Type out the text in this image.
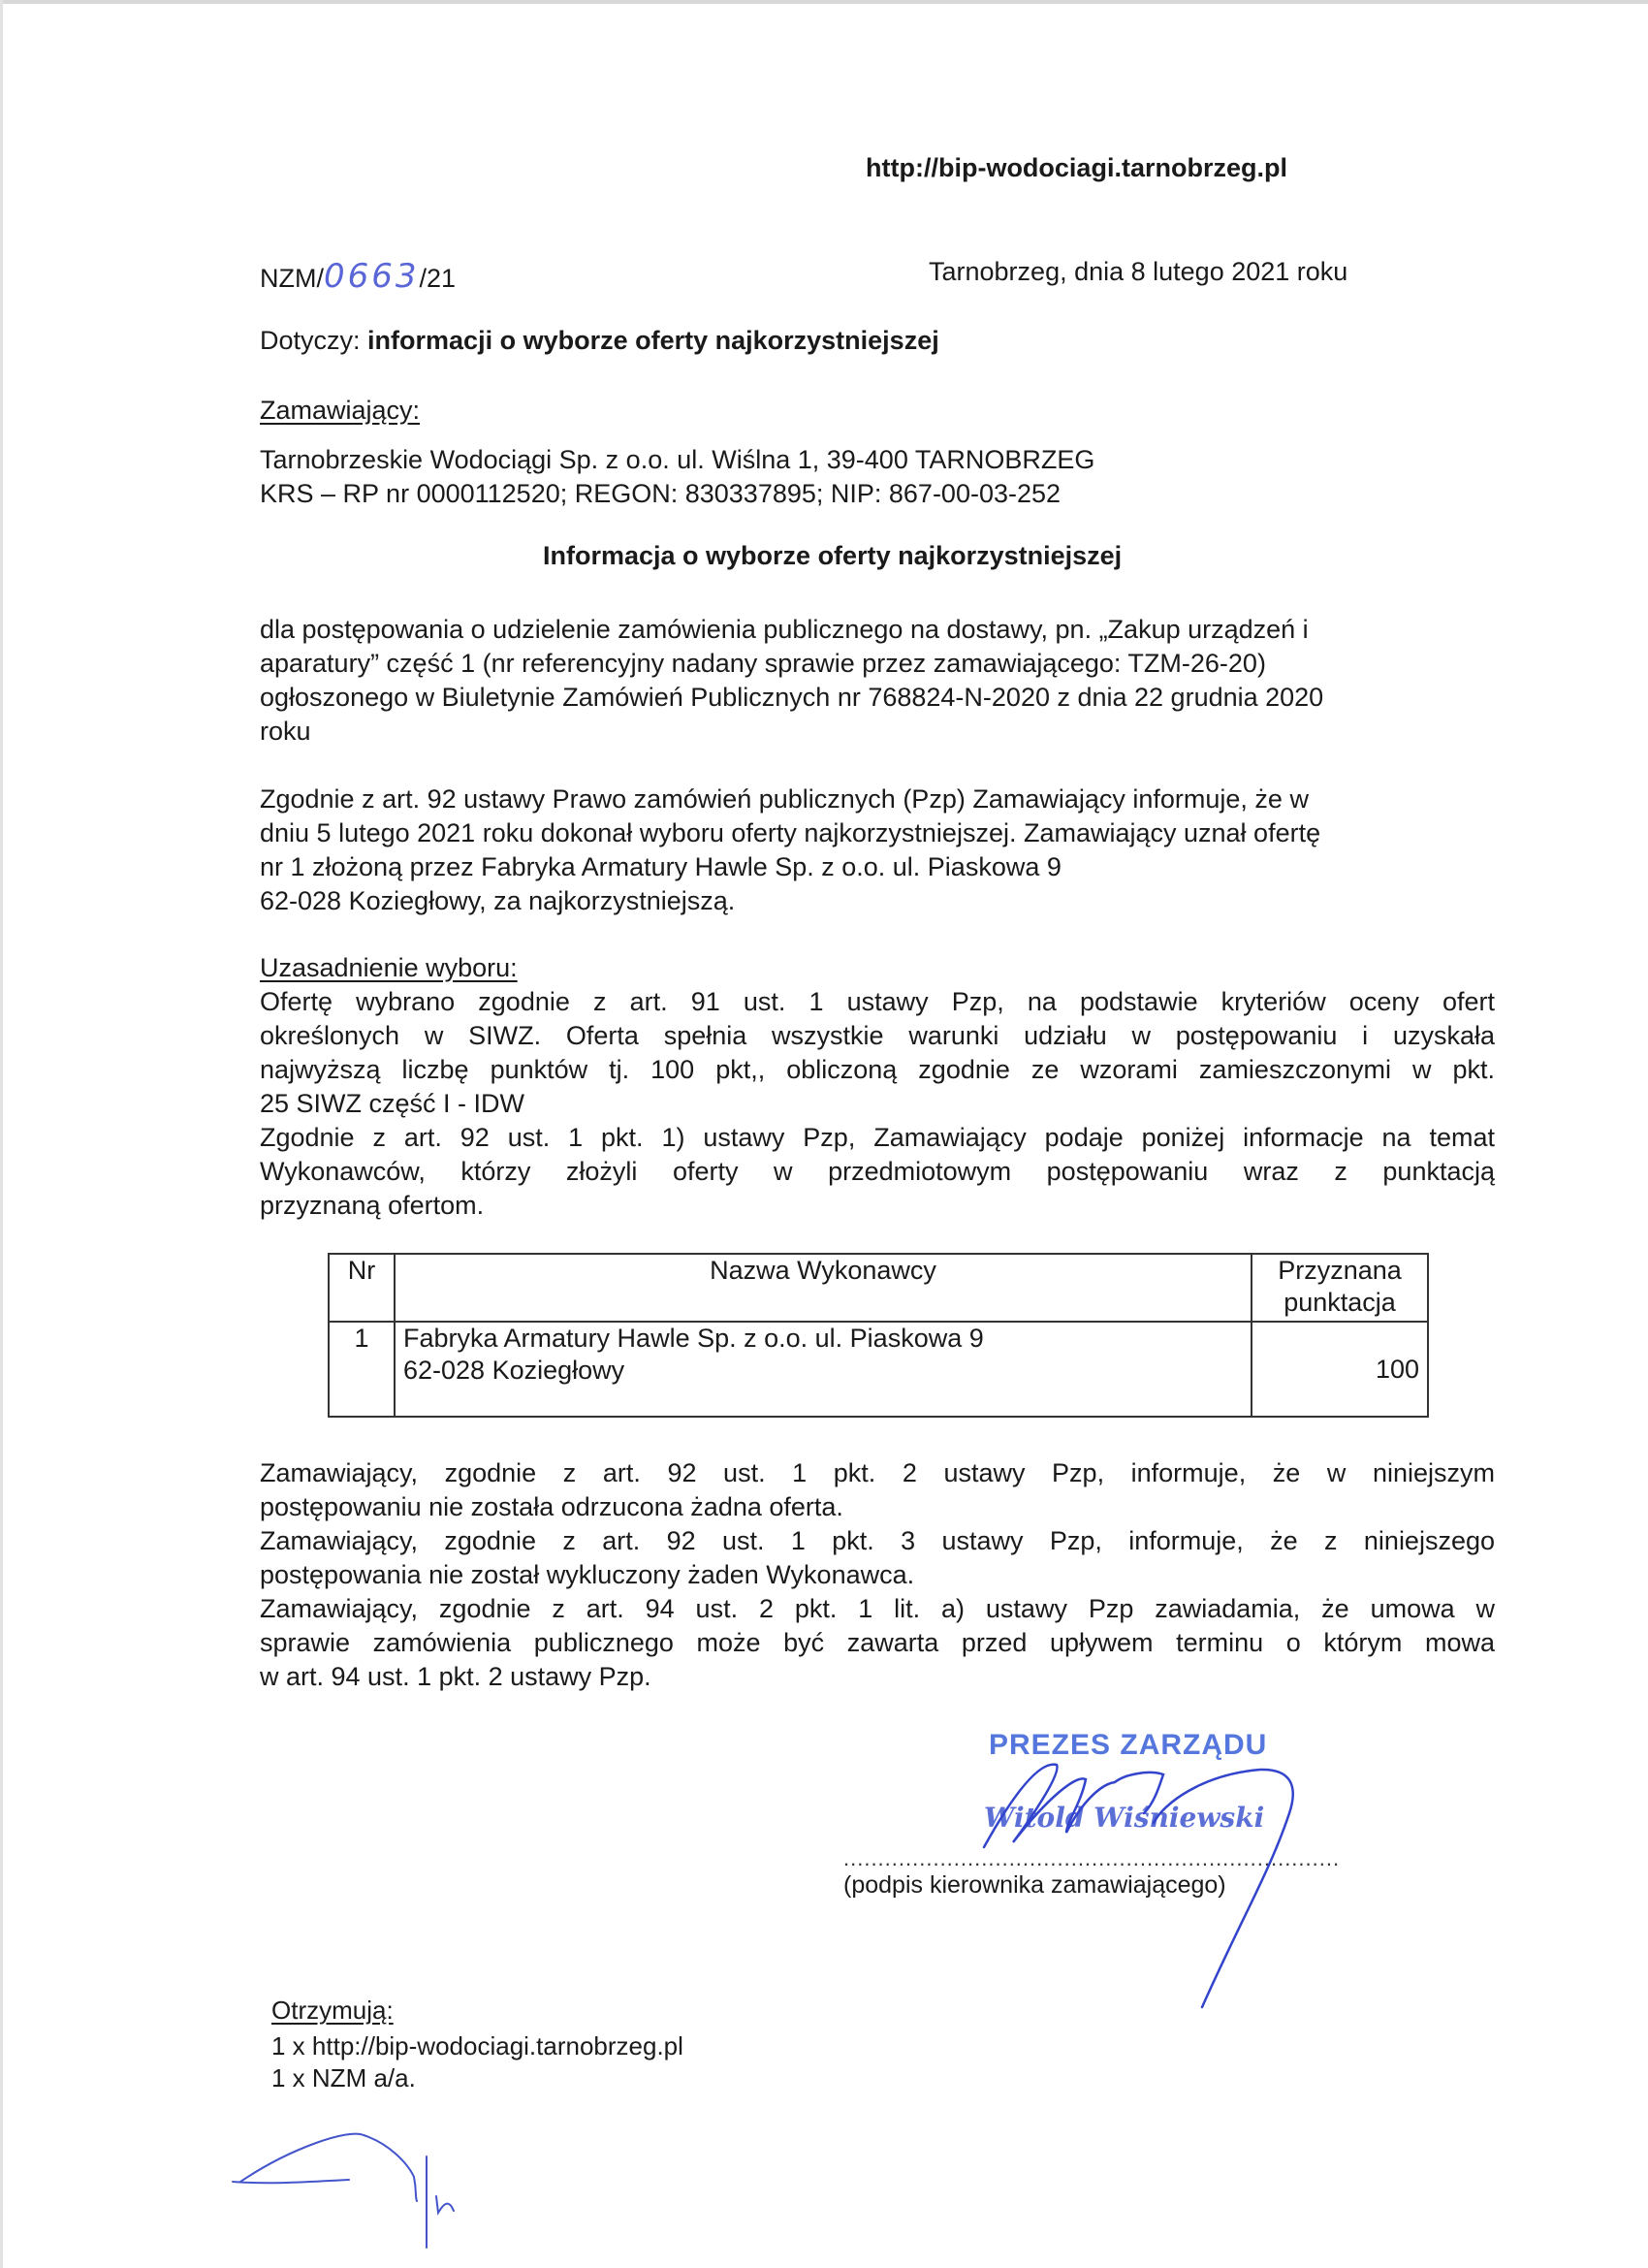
http://bip-wodociagi.tarnobrzeg.pl
NZM/0663/21	Tarnobrzeg, dnia 8 lutego 2021 roku
Dotyczy: informacji o wyborze oferty najkorzystniejszej
Zamawiający:
Tarnobrzeskie Wodociągi Sp. z o.o. ul. Wiślna 1, 39-400 TARNOBRZEG
KRS – RP nr 0000112520; REGON: 830337895; NIP: 867-00-03-252
Informacja o wyborze oferty najkorzystniejszej
dla postępowania o udzielenie zamówienia publicznego na dostawy, pn. „Zakup urządzeń i
aparatury” część 1 (nr referencyjny nadany sprawie przez zamawiającego: TZM-26-20)
ogłoszonego w Biuletynie Zamówień Publicznych nr 768824-N-2020 z dnia 22 grudnia 2020
roku
Zgodnie z art. 92 ustawy Prawo zamówień publicznych (Pzp) Zamawiający informuje, że w
dniu 5 lutego 2021 roku dokonał wyboru oferty najkorzystniejszej. Zamawiający uznał ofertę
nr 1 złożoną przez Fabryka Armatury Hawle Sp. z o.o. ul. Piaskowa 9
62-028 Koziegłowy, za najkorzystniejszą.
Uzasadnienie wyboru:
Ofertę wybrano zgodnie z art. 91 ust. 1 ustawy Pzp, na podstawie kryteriów oceny ofert
określonych w SIWZ. Oferta spełnia wszystkie warunki udziału w postępowaniu i uzyskała
najwyższą liczbę punktów tj. 100 pkt,, obliczoną zgodnie ze wzorami zamieszczonymi w pkt.
25 SIWZ część I - IDW
Zgodnie z art. 92 ust. 1 pkt. 1) ustawy Pzp, Zamawiający podaje poniżej informacje na temat
Wykonawców, którzy złożyli oferty w przedmiotowym postępowaniu wraz z punktacją
przyznaną ofertom.
Nr	Nazwa Wykonawcy	Przyznana
punktacja

1	Fabryka Armatury Hawle Sp. z o.o. ul. Piaskowa 9
62-028 Koziegłowy	100
Zamawiający, zgodnie z art. 92 ust. 1 pkt. 2 ustawy Pzp, informuje, że w niniejszym
postępowaniu nie została odrzucona żadna oferta.
Zamawiający, zgodnie z art. 92 ust. 1 pkt. 3 ustawy Pzp, informuje, że z niniejszego
postępowania nie został wykluczony żaden Wykonawca.
Zamawiający, zgodnie z art. 94 ust. 2 pkt. 1 lit. a) ustawy Pzp zawiadamia, że umowa w
sprawie zamówienia publicznego może być zawarta przed upływem terminu o którym mowa
w art. 94 ust. 1 pkt. 2 ustawy Pzp.
PREZES ZARZĄDU
Witold Wiśniewski
........................................................................
(podpis kierownika zamawiającego)
Otrzymują:
1 x http://bip-wodociagi.tarnobrzeg.pl
1 x NZM a/a.
